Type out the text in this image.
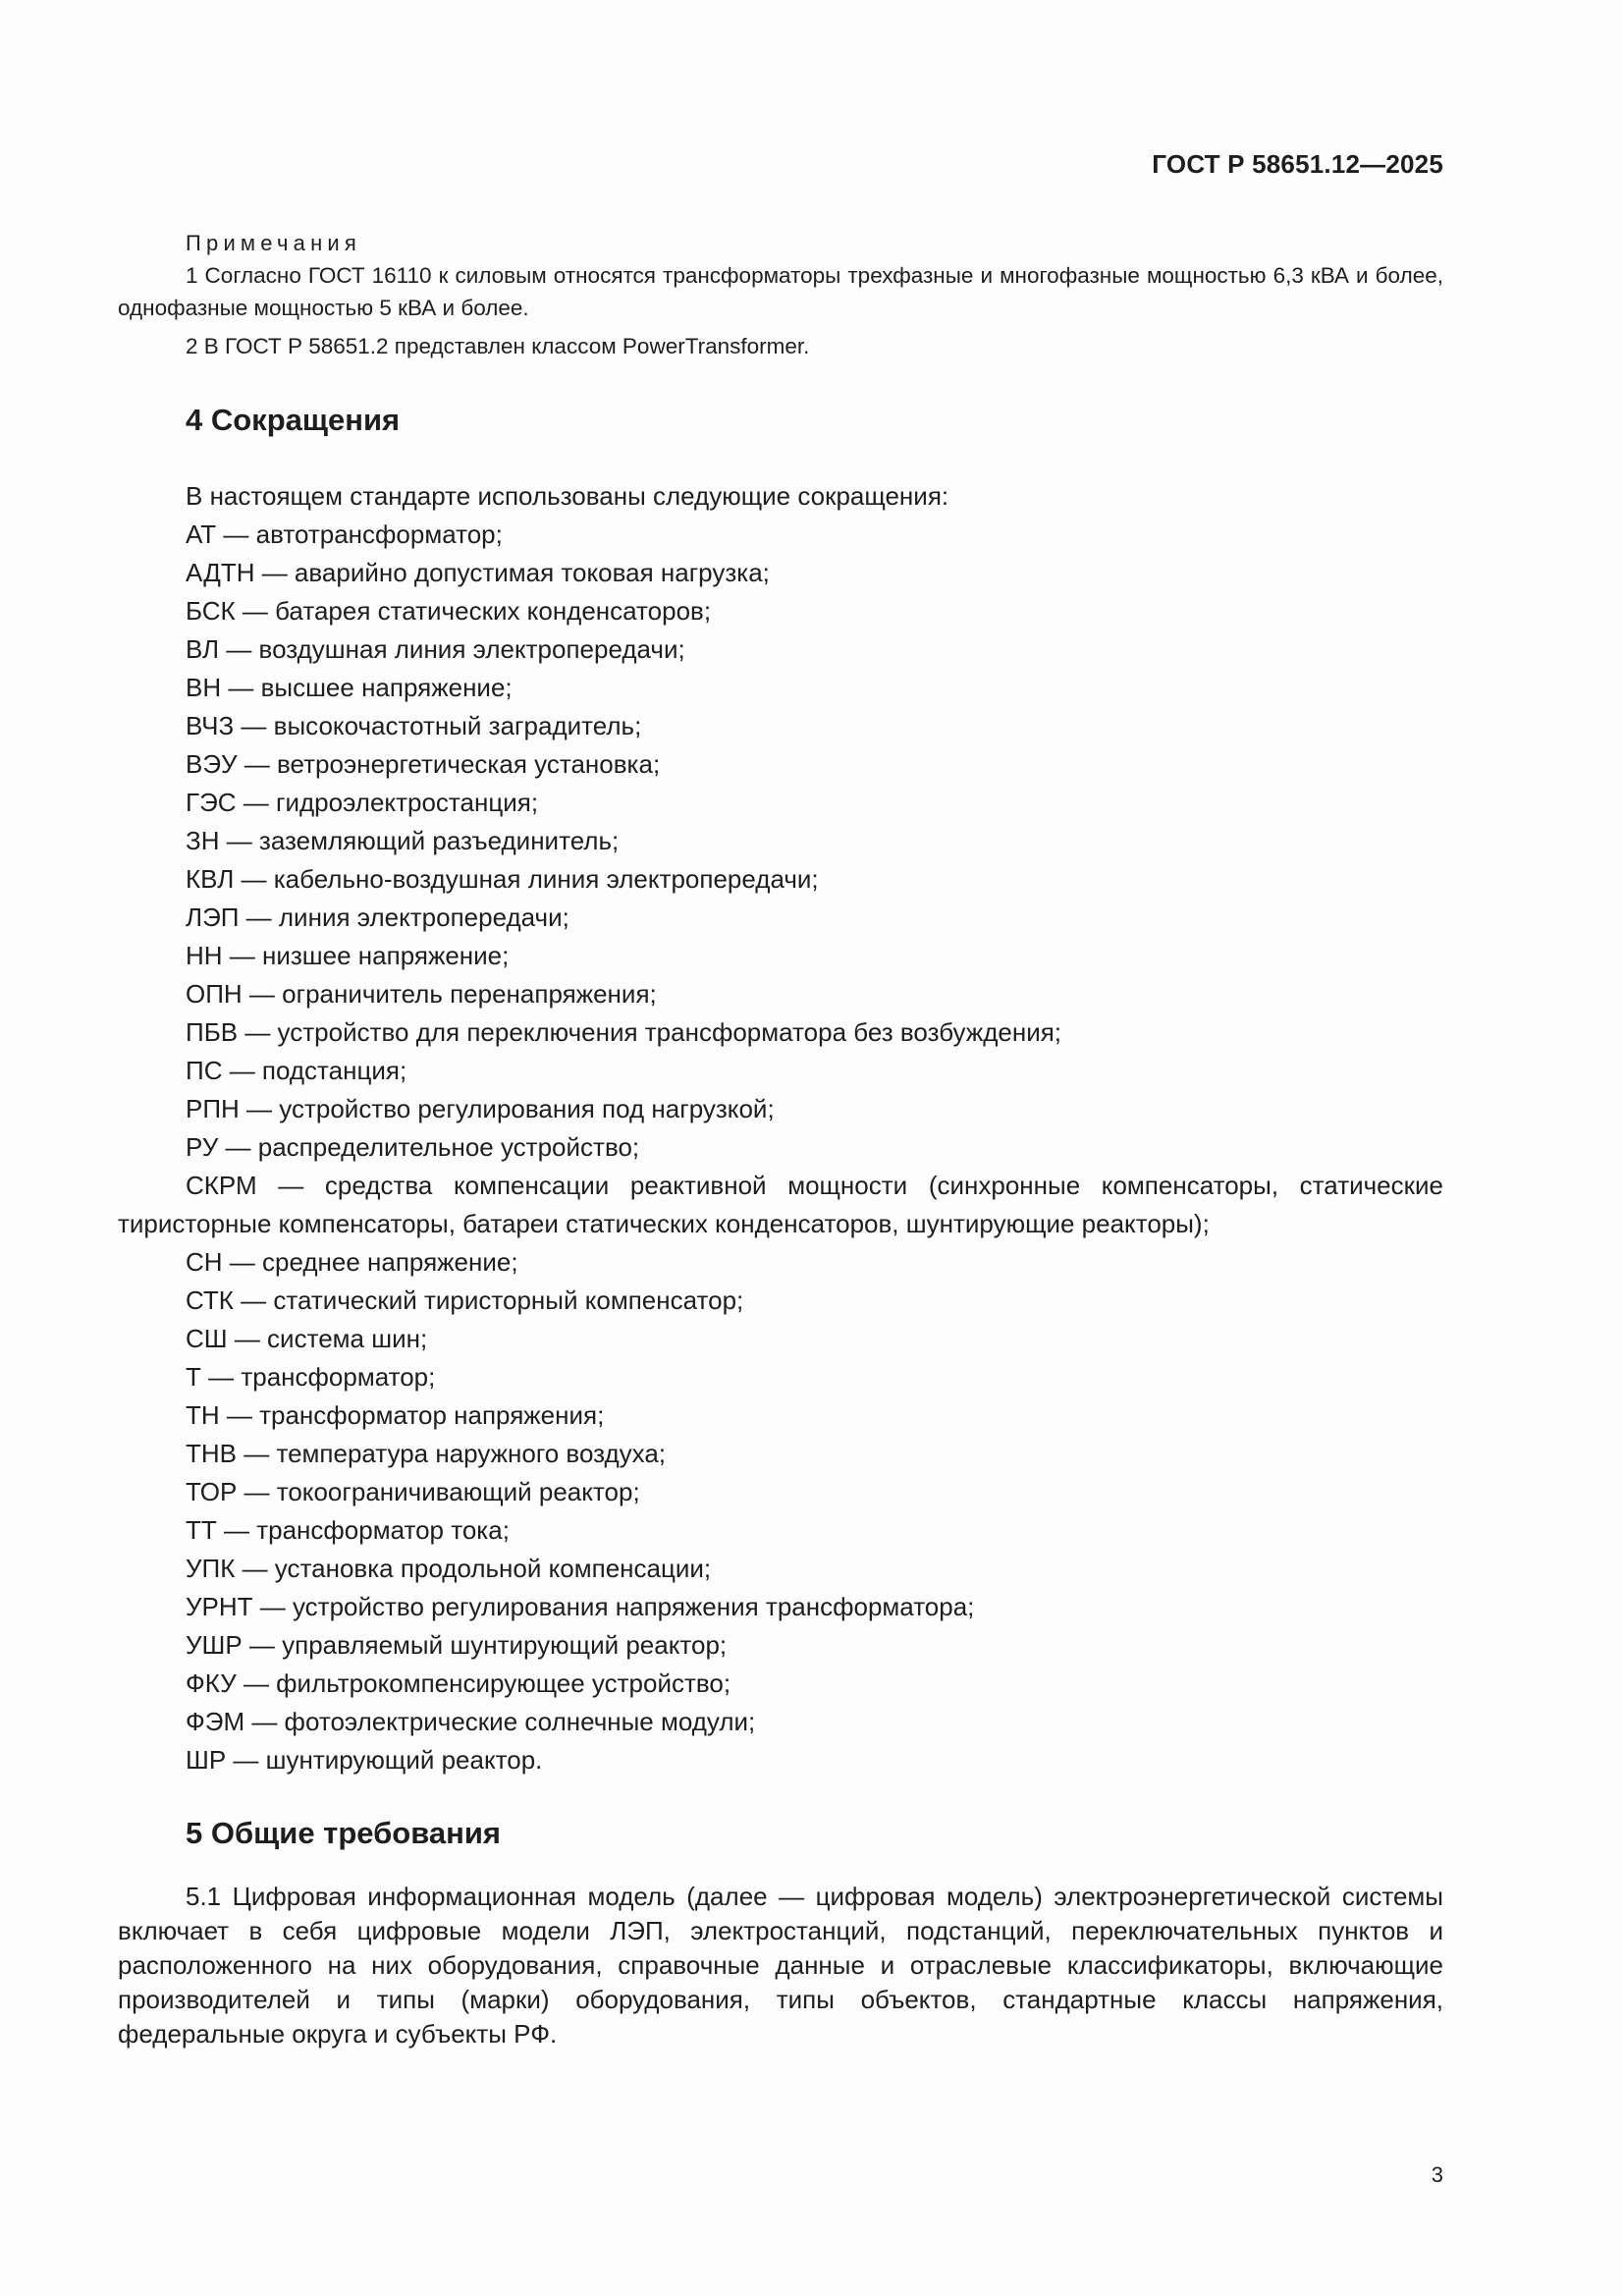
ГОСТ Р 58651.12—2025
Примечания

1 Согласно ГОСТ 16110 к силовым относятся трансформаторы трехфазные и многофазные мощностью 6,3 кВА и более, однофазные мощностью 5 кВА и более.

2 В ГОСТ Р 58651.2 представлен классом PowerTransformer.

4 Сокращения

В настоящем стандарте использованы следующие сокращения:

АТ — автотрансформатор;

АДТН — аварийно допустимая токовая нагрузка;

БСК — батарея статических конденсаторов;

ВЛ — воздушная линия электропередачи;

ВН — высшее напряжение;

ВЧЗ — высокочастотный заградитель;

ВЭУ — ветроэнергетическая установка;

ГЭС — гидроэлектростанция;

ЗН — заземляющий разъединитель;

КВЛ — кабельно-воздушная линия электропередачи;

ЛЭП — линия электропередачи;

НН — низшее напряжение;

ОПН — ограничитель перенапряжения;

ПБВ — устройство для переключения трансформатора без возбуждения;

ПС — подстанция;

РПН — устройство регулирования под нагрузкой;

РУ — распределительное устройство;

СКРМ — средства компенсации реактивной мощности (синхронные компенсаторы, статические тиристорные компенсаторы, батареи статических конденсаторов, шунтирующие реакторы);

СН — среднее напряжение;

СТК — статический тиристорный компенсатор;

СШ — система шин;

Т — трансформатор;

ТН — трансформатор напряжения;

ТНВ — температура наружного воздуха;

ТОР — токоограничивающий реактор;

ТТ — трансформатор тока;

УПК — установка продольной компенсации;

УРНТ — устройство регулирования напряжения трансформатора;

УШР — управляемый шунтирующий реактор;

ФКУ — фильтрокомпенсирующее устройство;

ФЭМ — фотоэлектрические солнечные модули;

ШР — шунтирующий реактор.

5 Общие требования

5.1 Цифровая информационная модель (далее — цифровая модель) электроэнергетической системы включает в себя цифровые модели ЛЭП, электростанций, подстанций, переключательных пунктов и расположенного на них оборудования, справочные данные и отраслевые классификаторы, включающие производителей и типы (марки) оборудования, типы объектов, стандартные классы напряжения, федеральные округа и субъекты РФ.

3
